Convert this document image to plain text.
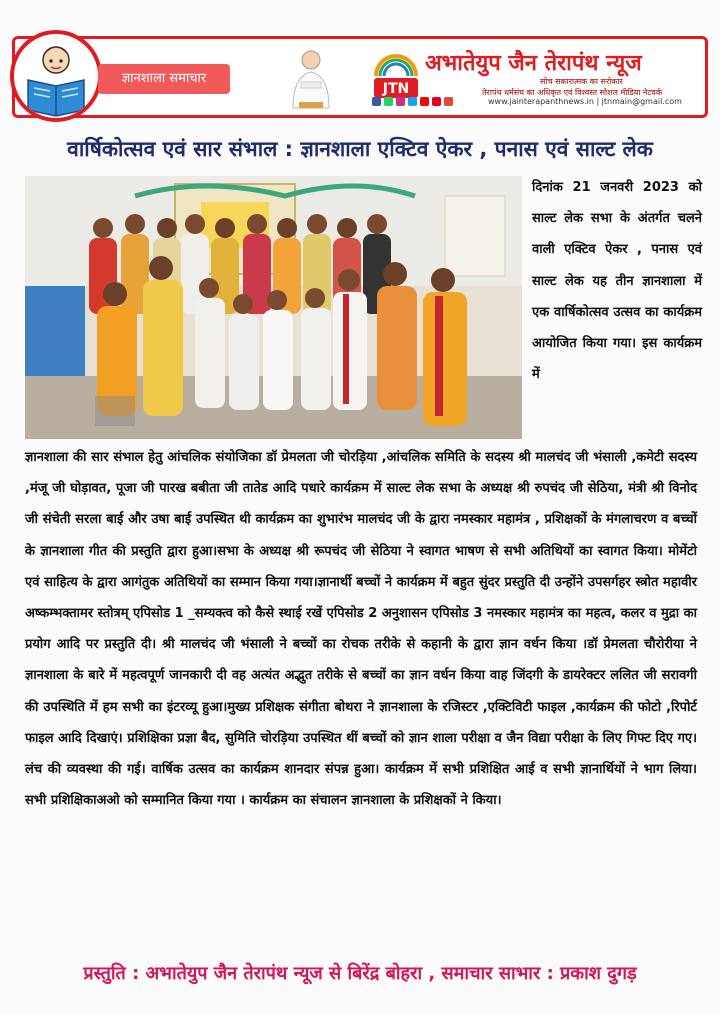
ज्ञानशाला समाचार
JTN
अभातेयुप जैन तेरापंथ न्यूज
सोच सकारात्मक का सरोकार
तेरापंथ धर्मसंघ का अधिकृत एवं विश्वस्त सोशल मीडिया नेटवर्क
www.jainterapanthnews.in | jtnmain@gmail.com
वार्षिकोत्सव एवं सार संभाल : ज्ञानशाला एक्टिव ऐकर , पनास एवं साल्ट लेक
दिनांक 21 जनवरी 2023 को साल्ट लेक सभा के अंतर्गत चलने वाली एक्टिव ऐकर , पनास एवं साल्ट लेक यह तीन ज्ञानशाला में एक वार्षिकोत्सव उत्सव का कार्यक्रम आयोजित किया गया। इस कार्यक्रम में
ज्ञानशाला की सार संभाल हेतु आंचलिक संयोजिका डॉ प्रेमलता जी चोरड़िया ,आंचलिक समिति के सदस्य श्री मालचंद जी भंसाली ,कमेटी सदस्य ,मंजू जी घोड़ावत, पूजा जी पारख बबीता जी तातेड आदि पधारे कार्यक्रम में साल्ट लेक सभा के अध्यक्ष श्री रुपचंद जी सेठिया, मंत्री श्री विनोद जी संचेती सरला बाई और उषा बाई उपस्थित थी कार्यक्रम का शुभारंभ मालचंद जी के द्वारा नमस्कार महामंत्र , प्रशिक्षकों के मंगलाचरण व बच्चों के ज्ञानशाला गीत की प्रस्तुति द्वारा हुआ।सभा के अध्यक्ष श्री रूपचंद जी सेठिया ने स्वागत भाषण से सभी अतिथियों का स्वागत किया। मोमेंटो एवं साहित्य के द्वारा आगंतुक अतिथियों का सम्मान किया गया।ज्ञानार्थी बच्चों ने कार्यक्रम में बहुत सुंदर प्रस्तुति दी उन्होंने उपसर्गहर स्त्रोत महावीर अष्कम्भक्तामर स्तोत्रम् एपिसोड 1 _सम्यक्त्व को कैसे स्थाई रखें एपिसोड 2 अनुशासन एपिसोड 3 नमस्कार महामंत्र का महत्व, कलर व मुद्रा का प्रयोग आदि पर प्रस्तुति दी। श्री मालचंद जी भंसाली ने बच्चों का रोचक तरीके से कहानी के द्वारा ज्ञान वर्धन किया ।डॉ प्रेमलता चौरोरीया ने ज्ञानशाला के बारे में महत्वपूर्ण जानकारी दी वह अत्यंत अद्भुत तरीके से बच्चों का ज्ञान वर्धन किया वाह जिंदगी के डायरेक्टर ललित जी सरावगी की उपस्थिति में हम सभी का इंटरव्यू हुआ।मुख्य प्रशिक्षक संगीता बोथरा ने ज्ञानशाला के रजिस्टर ,एक्टिविटी फाइल ,कार्यक्रम की फोटो ,रिपोर्ट फाइल आदि दिखाएं। प्रशिक्षिका प्रज्ञा बैद, सुमिति चोरड़िया उपस्थित थीं बच्चों को ज्ञान शाला परीक्षा व जैन विद्या परीक्षा के लिए गिफ्ट दिए गए। लंच की व्यवस्था की गई। वार्षिक उत्सव का कार्यक्रम शानदार संपन्न हुआ। कार्यक्रम में सभी प्रशिक्षित आई व सभी ज्ञानार्थियों ने भाग लिया। सभी प्रशिक्षिकाअओ को सम्मानित किया गया । कार्यक्रम का संचालन ज्ञानशाला के प्रशिक्षकों ने किया।
प्रस्तुति : अभातेयुप जैन तेरापंथ न्यूज से बिरेंद्र बोहरा , समाचार साभार : प्रकाश दुगड़
